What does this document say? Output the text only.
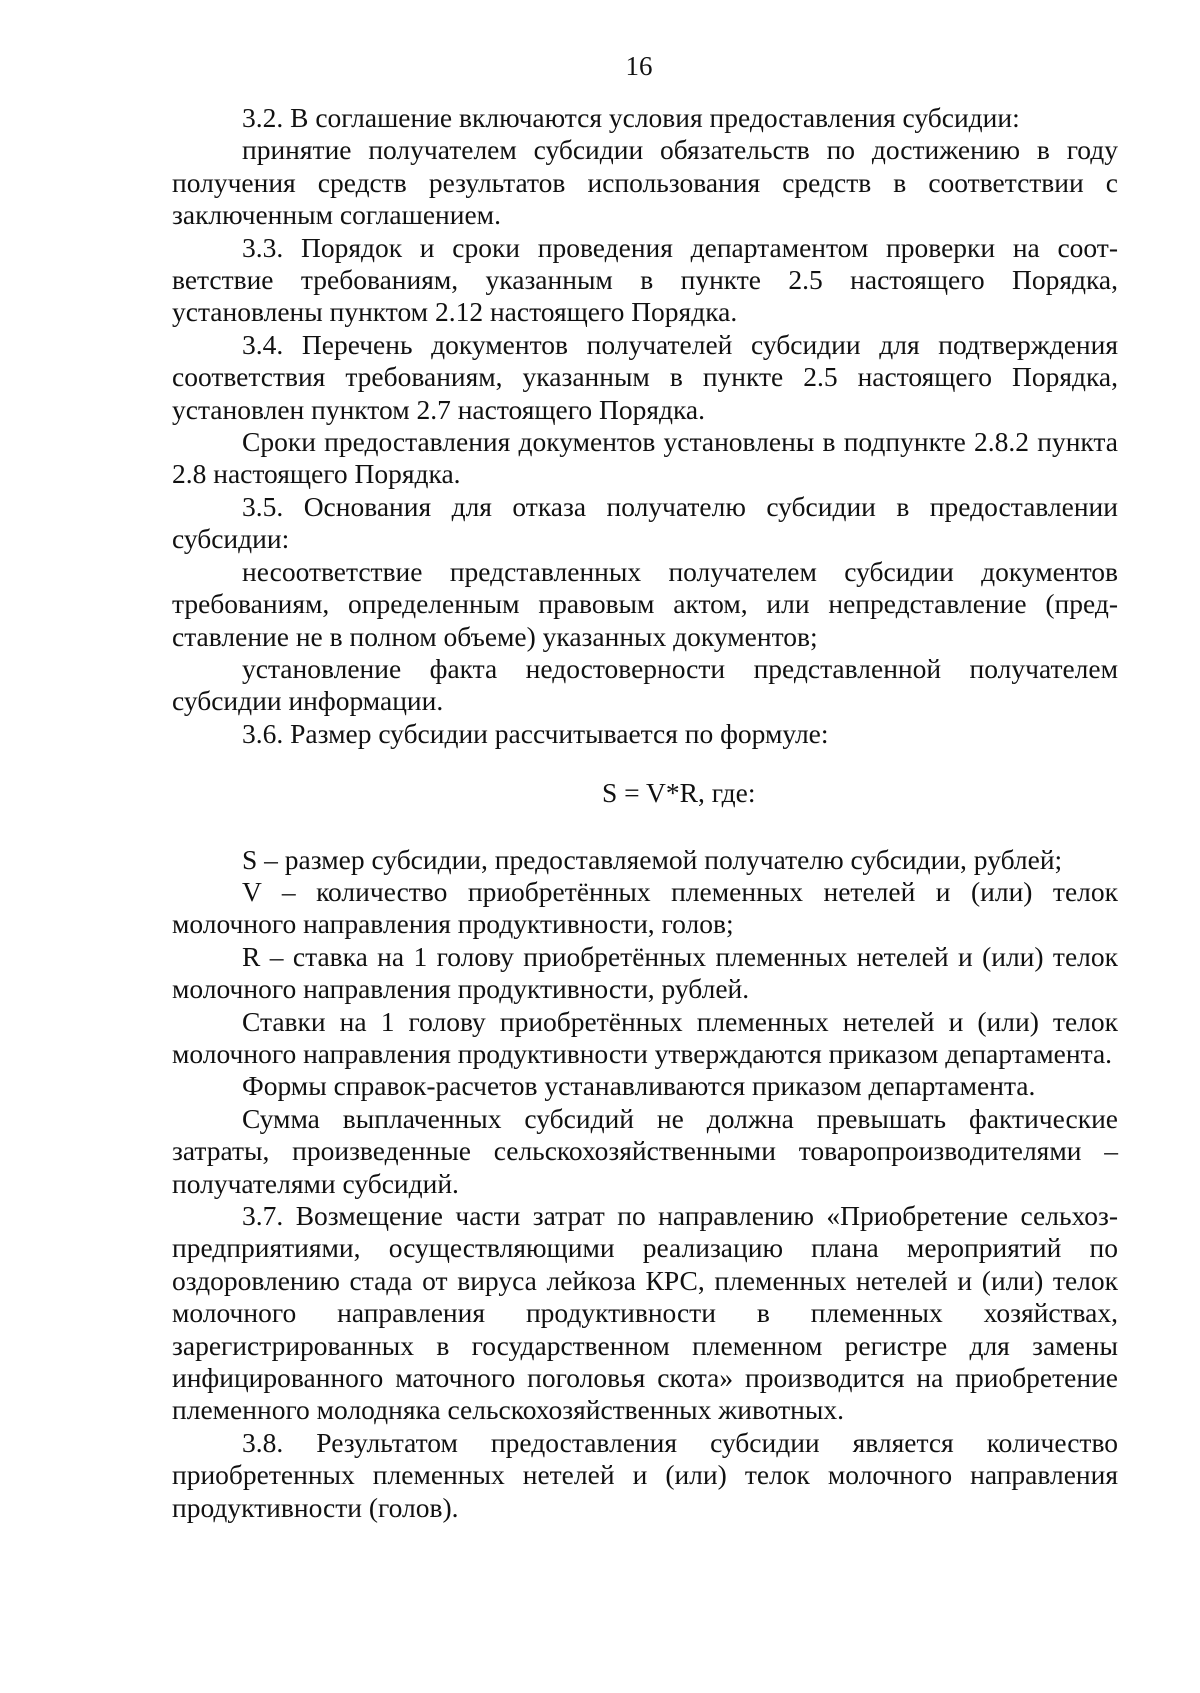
16

3.2. В соглашение включаются условия предоставления субсидии:

принятие получателем субсидии обязательств по достижению в году получения средств результатов использования средств в соответствии с заключенным соглашением.

3.3. Порядок и сроки проведения департаментом проверки на соответствие требованиям, указанным в пункте 2.5 настоящего Порядка, установлены пунктом 2.12 настоящего Порядка.

3.4. Перечень документов получателей субсидии для подтверждения соответствия требованиям, указанным в пункте 2.5 настоящего Порядка, установлен пунктом 2.7 настоящего Порядка.

Сроки предоставления документов установлены в подпункте 2.8.2 пункта 2.8 настоящего Порядка.

3.5. Основания для отказа получателю субсидии в предоставлении субсидии:

несоответствие представленных получателем субсидии документов требованиям, определенным правовым актом, или непредставление (представление не в полном объеме) указанных документов;

установление факта недостоверности представленной получателем субсидии информации.

3.6. Размер субсидии рассчитывается по формуле:

S = V*R, где:

S – размер субсидии, предоставляемой получателю субсидии, рублей;

V – количество приобретённых племенных нетелей и (или) телок молочного направления продуктивности, голов;

R – ставка на 1 голову приобретённых племенных нетелей и (или) телок молочного направления продуктивности, рублей.

Ставки на 1 голову приобретённых племенных нетелей и (или) телок молочного направления продуктивности утверждаются приказом департамента.

Формы справок-расчетов устанавливаются приказом департамента.

Сумма выплаченных субсидий не должна превышать фактические затраты, произведенные сельскохозяйственными товаропроизводителями – получателями субсидий.

3.7. Возмещение части затрат по направлению «Приобретение сельхозпредприятиями, осуществляющими реализацию плана мероприятий по оздоровлению стада от вируса лейкоза КРС, племенных нетелей и (или) телок молочного направления продуктивности в племенных хозяйствах, зарегистрированных в государственном племенном регистре для замены инфицированного маточного поголовья скота» производится на приобретение племенного молодняка сельскохозяйственных животных.

3.8. Результатом предоставления субсидии является количество приобретенных племенных нетелей и (или) телок молочного направления продуктивности (голов).
